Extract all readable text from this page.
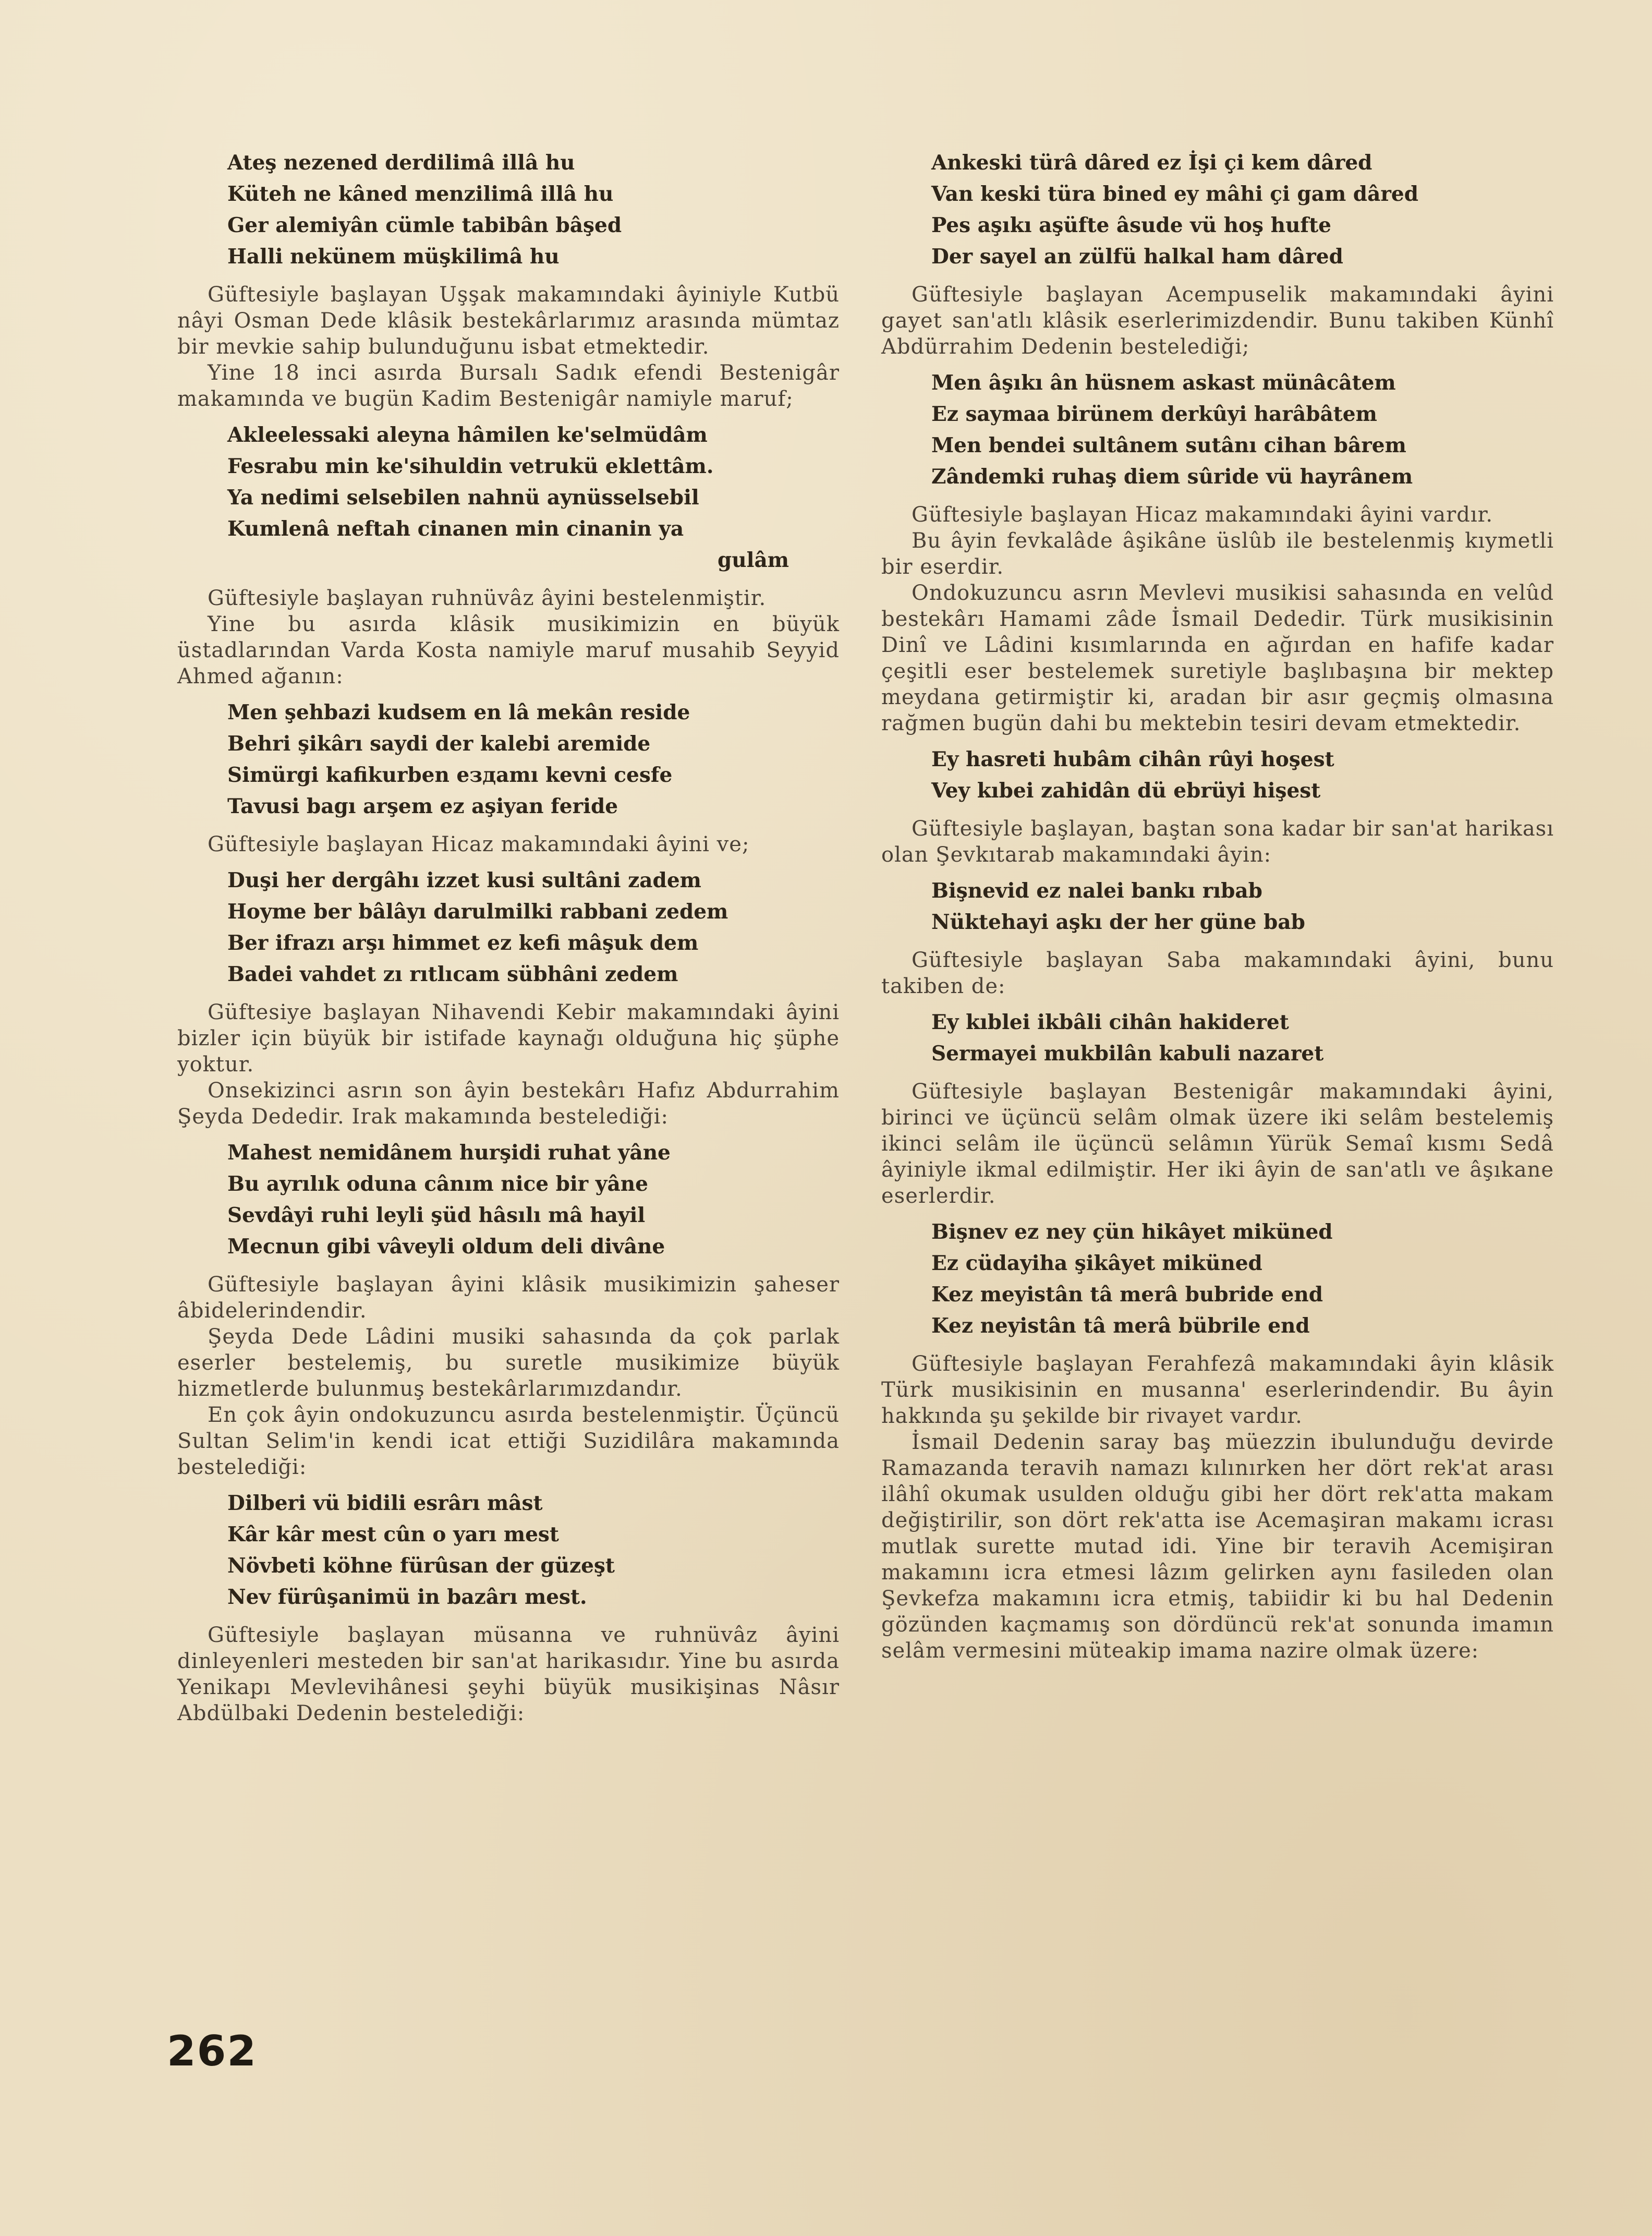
Ateş nezened derdilimâ illâ hu
Küteh ne kâned menzilimâ illâ hu
Ger alemiyân cümle tabibân bâşed
Halli nekünem müşkilimâ hu

Güftesiyle başlayan Uşşak makamındaki âyiniyle Kutbü nâyi Osman Dede klâsik bestekârlarımız arasında mümtaz bir mevkie sahip bulunduğunu isbat etmektedir.

Yine 18 inci asırda Bursalı Sadık efendi Bestenigâr makamında ve bugün Kadim Bestenigâr namiyle maruf;

Akleelessaki aleyna hâmilen ke'selmüdâm
Fesrabu min ke'sihuldin vetrukü eklettâm.
Ya nedimi selsebilen nahnü aynüsselsebil
Kumlenâ neftah cinanen min cinanin ya
gulâm

Güftesiyle başlayan ruhnüvâz âyini bestelenmiştir.

Yine bu asırda klâsik musikimizin en büyük üstadlarından Varda Kosta namiyle maruf musahib Seyyid Ahmed ağanın:

Men şehbazi kudsem en lâ mekân reside
Behri şikârı saydi der kalebi aremide
Simürgi kafikurben eздamı kevni cesfe
Tavusi bagı arşem ez aşiyan feride

Güftesiyle başlayan Hicaz makamındaki âyini ve;

Duşi her dergâhı izzet kusi sultâni zadem
Hoyme ber bâlâyı darulmilki rabbani zedem
Ber ifrazı arşı himmet ez kefi mâşuk dem
Badei vahdet zı rıtlıcam sübhâni zedem

Güftesiye başlayan Nihavendi Kebir makamındaki âyini bizler için büyük bir istifade kaynağı olduğuna hiç şüphe yoktur.

Onsekizinci asrın son âyin bestekârı Hafız Abdurrahim Şeyda Dededir. Irak makamında bestelediği:

Mahest nemidânem hurşidi ruhat yâne
Bu ayrılık oduna cânım nice bir yâne
Sevdâyi ruhi leyli şüd hâsılı mâ hayil
Mecnun gibi vâveyli oldum deli divâne

Güftesiyle başlayan âyini klâsik musikimizin şaheser âbidelerindendir.

Şeyda Dede Lâdini musiki sahasında da çok parlak eserler bestelemiş, bu suretle musikimize büyük hizmetlerde bulunmuş bestekârlarımızdandır.

En çok âyin ondokuzuncu asırda bestelenmiştir. Üçüncü Sultan Selim'in kendi icat ettiği Suzidilâra makamında bestelediği:

Dilberi vü bidili esrârı mâst
Kâr kâr mest cûn o yarı mest
Növbeti köhne fürûsan der güzeşt
Nev fürûşanimü in bazârı mest.

Güftesiyle başlayan müsanna ve ruhnüvâz âyini dinleyenleri mesteden bir san'at harikasıdır. Yine bu asırda Yenikapı Mevlevihânesi şeyhi büyük musikişinas Nâsır Abdülbaki Dedenin bestelediği:

Ankeski türâ dâred ez İşi çi kem dâred
Van keski türa bined ey mâhi çi gam dâred
Pes aşıkı aşüfte âsude vü hoş hufte
Der sayel an zülfü halkal ham dâred

Güftesiyle başlayan Acempuselik makamındaki âyini gayet san'atlı klâsik eserlerimizdendir. Bunu takiben Künhî Abdürrahim Dedenin bestelediği;

Men âşıkı ân hüsnem askast münâcâtem
Ez saymaa birünem derkûyi harâbâtem
Men bendei sultânem sutânı cihan bârem
Zândemki ruhaş diem sûride vü hayrânem

Güftesiyle başlayan Hicaz makamındaki âyini vardır.

Bu âyin fevkalâde âşikâne üslûb ile bestelenmiş kıymetli bir eserdir.

Ondokuzuncu asrın Mevlevi musikisi sahasında en velûd bestekârı Hamami zâde İsmail Dededir. Türk musikisinin Dinî ve Lâdini kısımlarında en ağırdan en hafife kadar çeşitli eser bestelemek suretiyle başlıbaşına bir mektep meydana getirmiştir ki, aradan bir asır geçmiş olmasına rağmen bugün dahi bu mektebin tesiri devam etmektedir.

Ey hasreti hubâm cihân rûyi hoşest
Vey kıbei zahidân dü ebrüyi hişest

Güftesiyle başlayan, baştan sona kadar bir san'at harikası olan Şevkıtarab makamındaki âyin:

Bişnevid ez nalei bankı rıbab
Nüktehayi aşkı der her güne bab

Güftesiyle başlayan Saba makamındaki âyini, bunu takiben de:

Ey kıblei ikbâli cihân hakideret
Sermayei mukbilân kabuli nazaret

Güftesiyle başlayan Bestenigâr makamındaki âyini, birinci ve üçüncü selâm olmak üzere iki selâm bestelemiş ikinci selâm ile üçüncü selâmın Yürük Semaî kısmı Sedâ âyiniyle ikmal edilmiştir. Her iki âyin de san'atlı ve âşıkane eserlerdir.

Bişnev ez ney çün hikâyet miküned
Ez cüdayiha şikâyet miküned
Kez meyistân tâ merâ bubride end
Kez neyistân tâ merâ bübrile end

Güftesiyle başlayan Ferahfezâ makamındaki âyin klâsik Türk musikisinin en musanna' eserlerindendir. Bu âyin hakkında şu şekilde bir rivayet vardır.

İsmail Dedenin saray baş müezzin ibulunduğu devirde Ramazanda teravih namazı kılınırken her dört rek'at arası ilâhî okumak usulden olduğu gibi her dört rek'atta makam değiştirilir, son dört rek'atta ise Acemaşiran makamı icrası mutlak surette mutad idi. Yine bir teravih Acemişiran makamını icra etmesi lâzım gelirken aynı fasileden olan Şevkefza makamını icra etmiş, tabiidir ki bu hal Dedenin gözünden kaçmamış son dördüncü rek'at sonunda imamın selâm vermesini müteakip imama nazire olmak üzere:

262
